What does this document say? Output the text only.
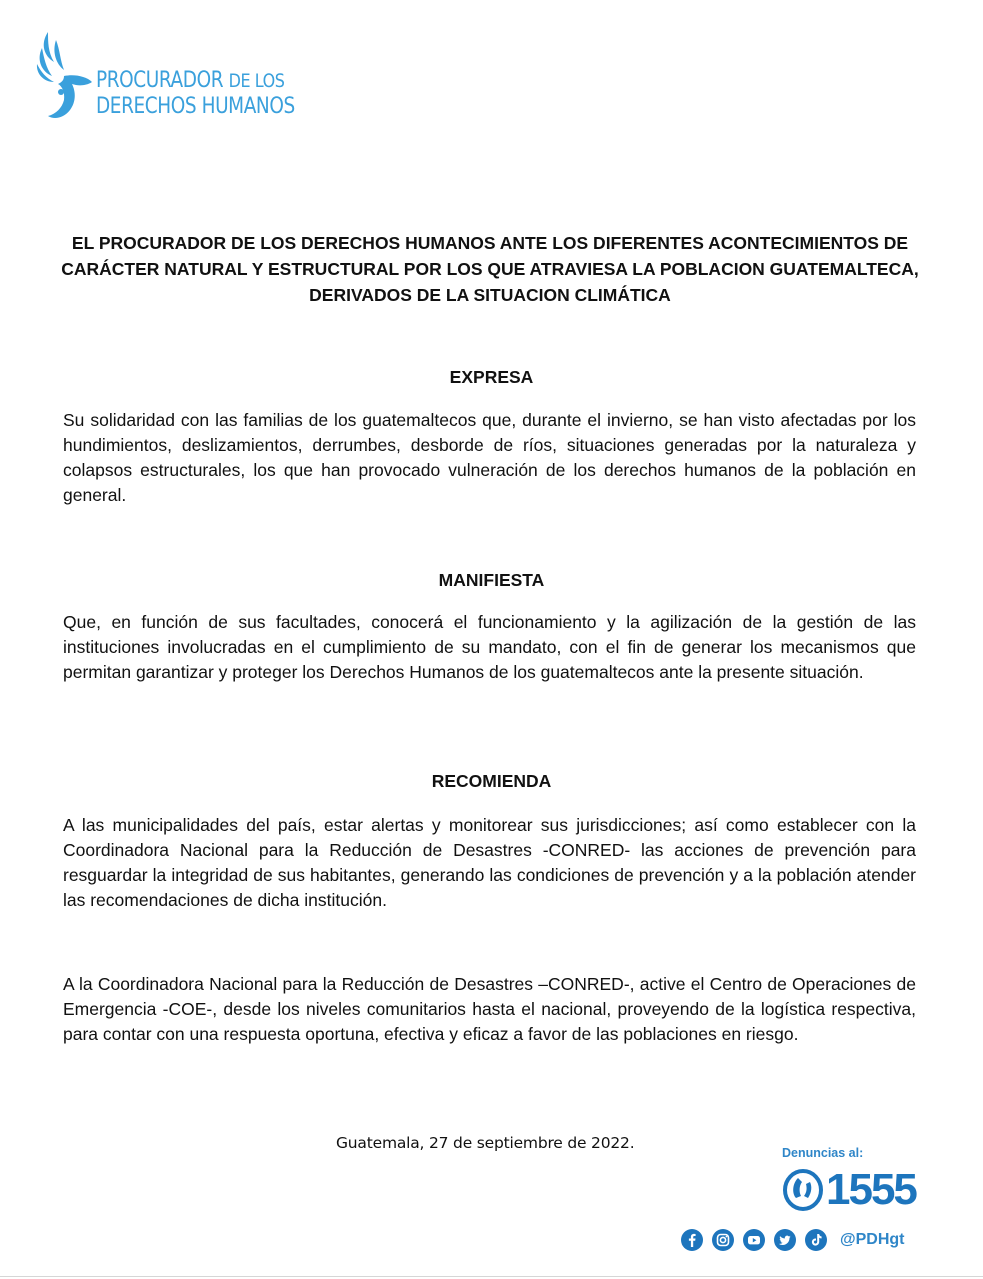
PROCURADOR DE LOS
DERECHOS HUMANOS
EL PROCURADOR DE LOS DERECHOS HUMANOS ANTE LOS DIFERENTES ACONTECIMIENTOS DE CARÁCTER NATURAL Y ESTRUCTURAL POR LOS QUE ATRAVIESA LA POBLACION GUATEMALTECA, DERIVADOS DE LA SITUACION CLIMÁTICA
EXPRESA
Su solidaridad con las familias de los guatemaltecos que, durante el invierno, se han visto afectadas por los hundimientos, deslizamientos, derrumbes, desborde de ríos, situaciones generadas por la naturaleza y colapsos estructurales, los que han provocado vulneración de los derechos humanos de la población en general.
MANIFIESTA
Que, en función de sus facultades, conocerá el funcionamiento y la agilización de la gestión de las instituciones involucradas en el cumplimiento de su mandato, con el fin de generar los mecanismos que permitan garantizar y proteger los Derechos Humanos de los guatemaltecos ante la presente situación.
RECOMIENDA
A las municipalidades del país, estar alertas y monitorear sus jurisdicciones; así como establecer con la Coordinadora Nacional para la Reducción de Desastres -CONRED- las acciones de prevención para resguardar la integridad de sus habitantes, generando las condiciones de prevención y a la población atender las recomendaciones de dicha institución.
A la Coordinadora Nacional para la Reducción de Desastres –CONRED-, active el Centro de Operaciones de Emergencia -COE-, desde los niveles comunitarios hasta el nacional, proveyendo de la logística respectiva, para contar con una respuesta oportuna, efectiva y eficaz a favor de las poblaciones en riesgo.
Guatemala, 27 de septiembre de 2022.
Denuncias al:
1555
@PDHgt
